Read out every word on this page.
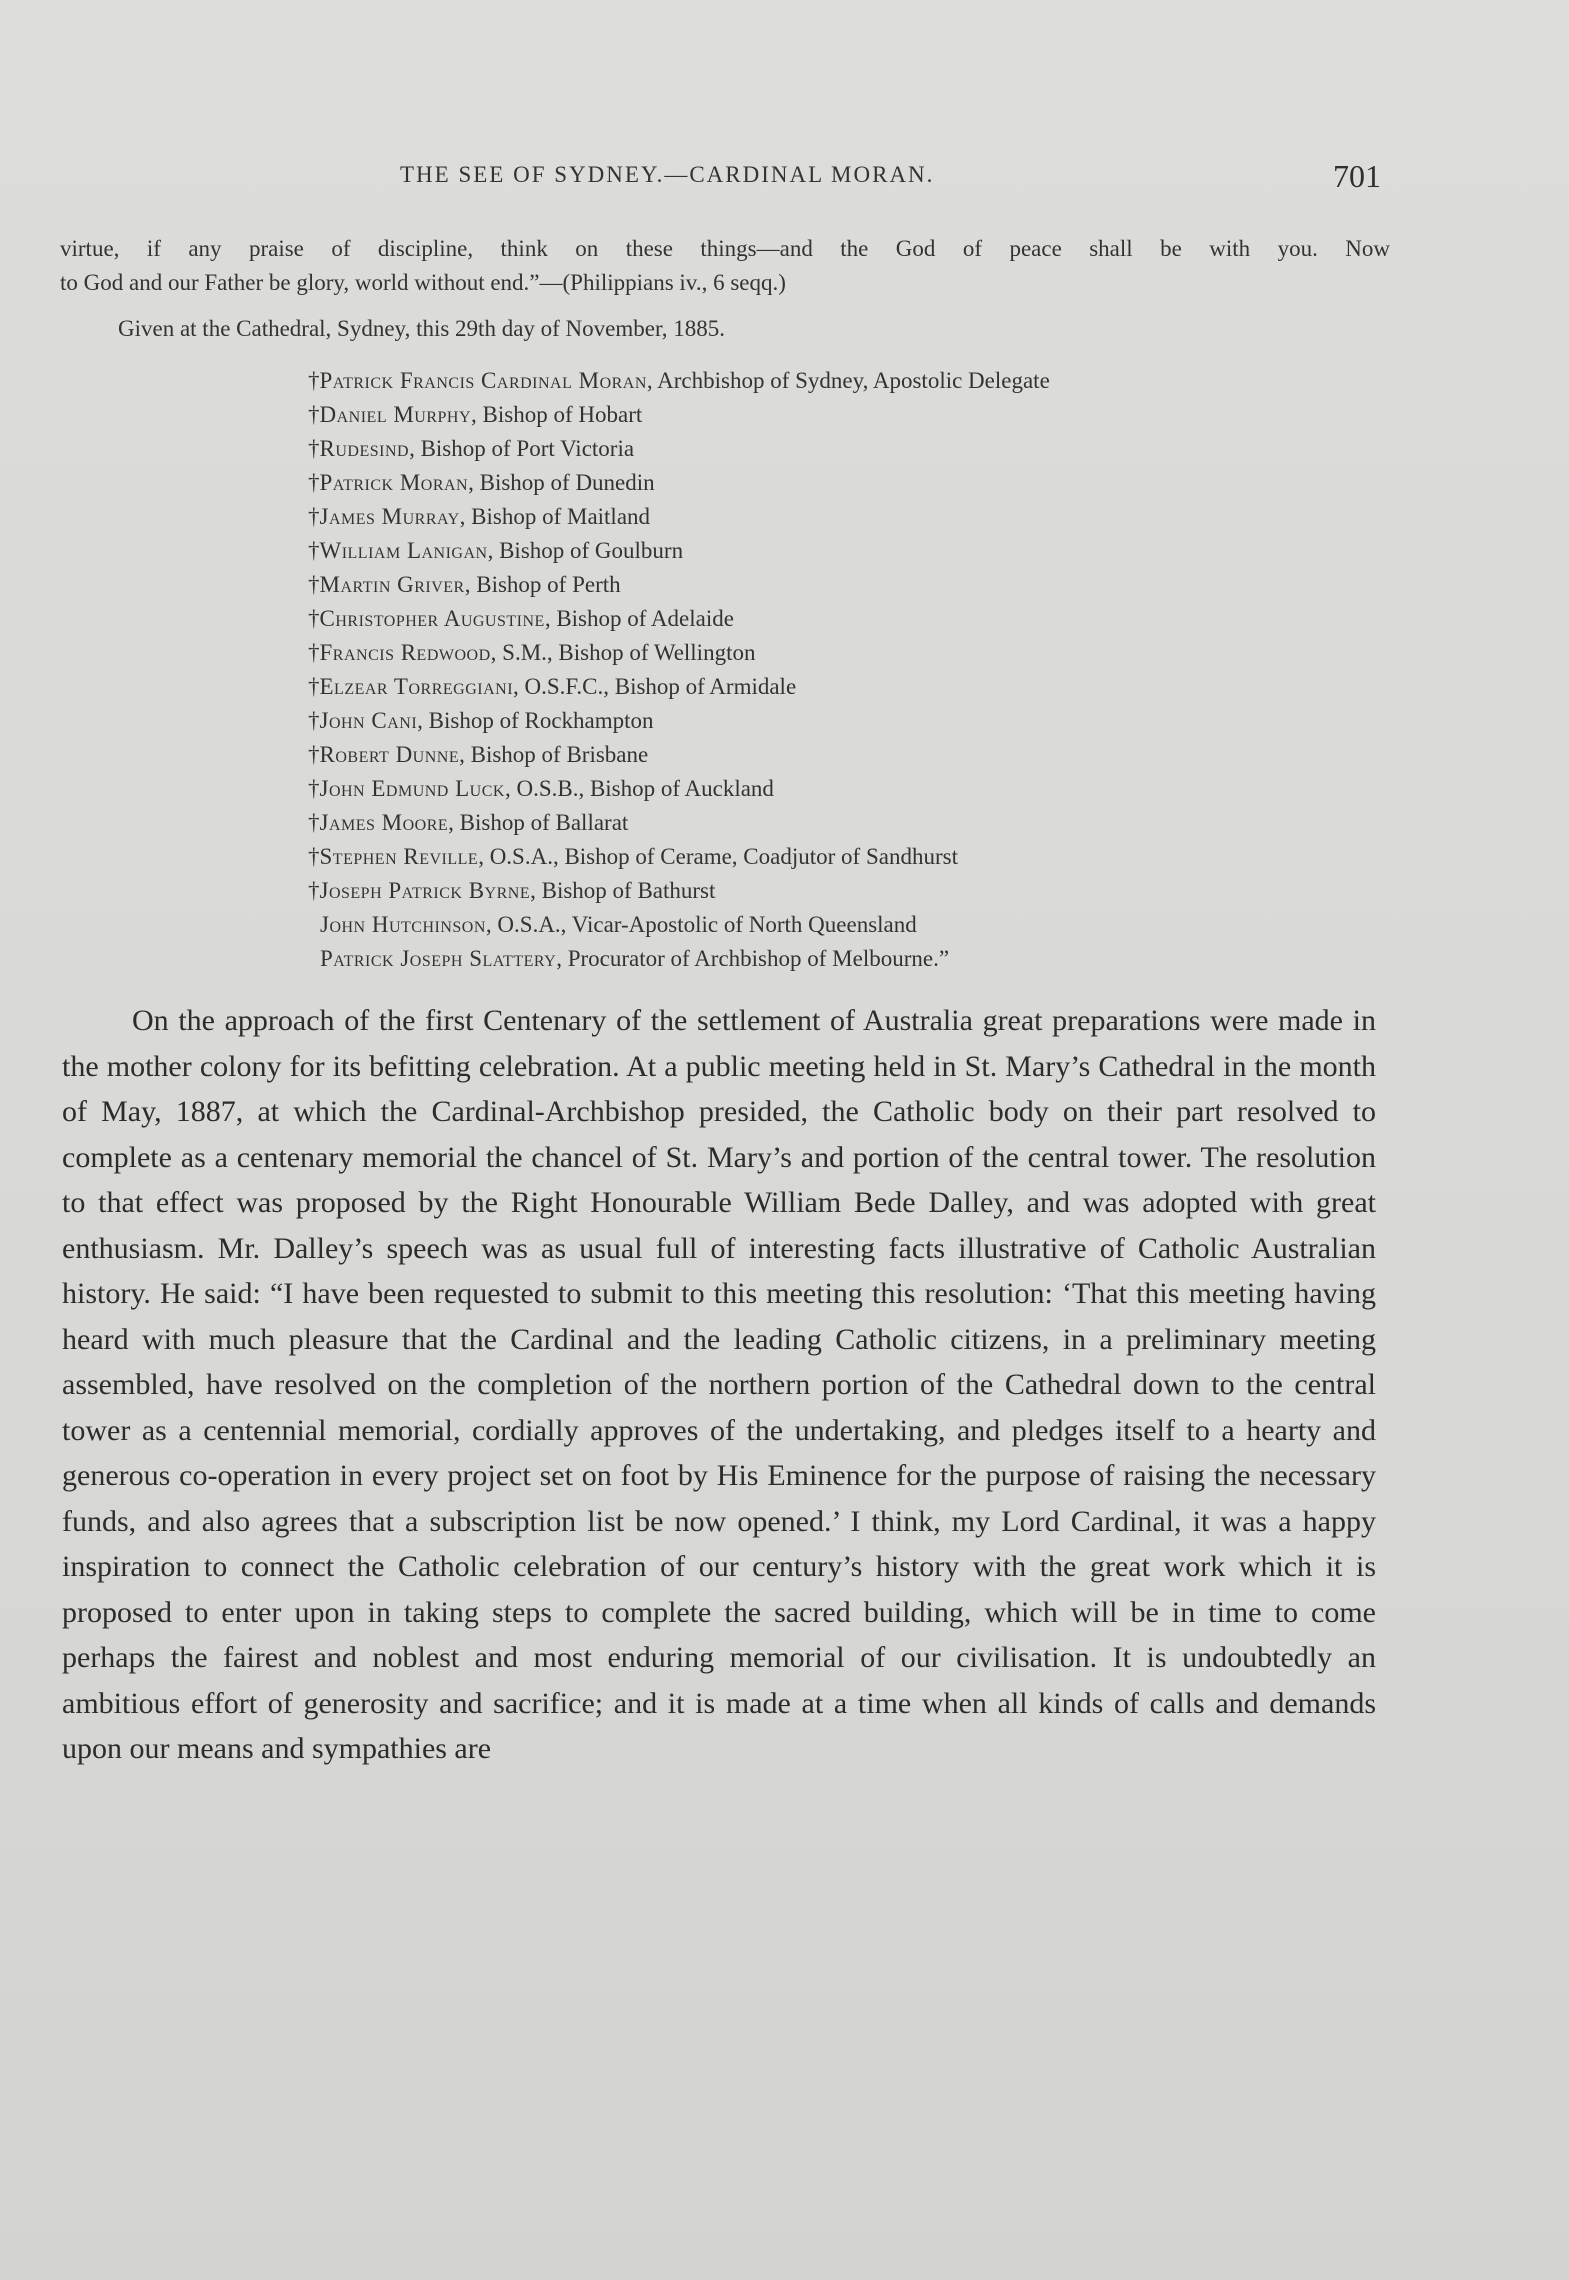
THE SEE OF SYDNEY.—CARDINAL MORAN.	701

virtue, if any praise of discipline, think on these things—and the God of peace shall be with you. Now

to God and our Father be glory, world without end.”—(Philippians iv., 6 seqq.)

Given at the Cathedral, Sydney, this 29th day of November, 1885.
†Patrick Francis Cardinal Moran, Archbishop of Sydney, Apostolic Delegate
†Daniel Murphy, Bishop of Hobart
†Rudesind, Bishop of Port Victoria
†Patrick Moran, Bishop of Dunedin
†James Murray, Bishop of Maitland
†William Lanigan, Bishop of Goulburn
†Martin Griver, Bishop of Perth
†Christopher Augustine, Bishop of Adelaide
†Francis Redwood, S.M., Bishop of Wellington
†Elzear Torreggiani, O.S.F.C., Bishop of Armidale
†John Cani, Bishop of Rockhampton
†Robert Dunne, Bishop of Brisbane
†John Edmund Luck, O.S.B., Bishop of Auckland
†James Moore, Bishop of Ballarat
†Stephen Reville, O.S.A., Bishop of Cerame, Coadjutor of Sandhurst
†Joseph Patrick Byrne, Bishop of Bathurst
John Hutchinson, O.S.A., Vicar-Apostolic of North Queensland
Patrick Joseph Slattery, Procurator of Archbishop of Melbourne.”

On the approach of the first Centenary of the settlement of Australia great preparations were made in the mother colony for its befitting celebration. At a public meeting held in St. Mary’s Cathedral in the month of May, 1887, at which the Cardinal-Archbishop presided, the Catholic body on their part resolved to complete as a centenary memorial the chancel of St. Mary’s and portion of the central tower. The resolution to that effect was proposed by the Right Honourable William Bede Dalley, and was adopted with great enthusiasm. Mr. Dalley’s speech was as usual full of interesting facts illustrative of Catholic Australian history. He said: “I have been requested to submit to this meeting this resolution: ‘That this meeting having heard with much pleasure that the Cardinal and the leading Catholic citizens, in a preliminary meeting assembled, have resolved on the completion of the northern portion of the Cathedral down to the central tower as a centennial memorial, cordially approves of the undertaking, and pledges itself to a hearty and generous co-operation in every project set on foot by His Eminence for the purpose of raising the necessary funds, and also agrees that a subscription list be now opened.’ I think, my Lord Cardinal, it was a happy inspiration to connect the Catholic celebration of our century’s history with the great work which it is proposed to enter upon in taking steps to complete the sacred building, which will be in time to come perhaps the fairest and noblest and most enduring memorial of our civilisation. It is undoubtedly an ambitious effort of generosity and sacrifice; and it is made at a time when all kinds of calls and demands upon our means and sympathies are
